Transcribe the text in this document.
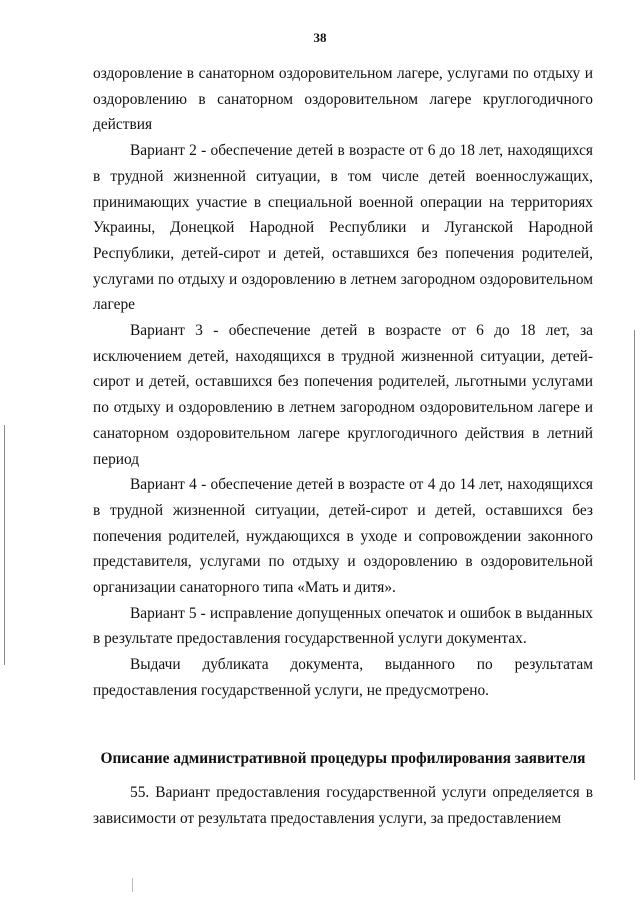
38

оздоровление в санаторном оздоровительном лагере, услугами по отдыху и оздоровлению в санаторном оздоровительном лагере круглогодичного действия

Вариант 2 - обеспечение детей в возрасте от 6 до 18 лет, находящихся в трудной жизненной ситуации, в том числе детей военнослужащих, принимающих участие в специальной военной операции на территориях Украины, Донецкой Народной Республики и Луганской Народной Республики, детей-сирот и детей, оставшихся без попечения родителей, услугами по отдыху и оздоровлению в летнем загородном оздоровительном лагере

Вариант 3 - обеспечение детей в возрасте от 6 до 18 лет, за исключением детей, находящихся в трудной жизненной ситуации, детей-сирот и детей, оставшихся без попечения родителей, льготными услугами по отдыху и оздоровлению в летнем загородном оздоровительном лагере и санаторном оздоровительном лагере круглогодичного действия в летний период

Вариант 4 - обеспечение детей в возрасте от 4 до 14 лет, находящихся в трудной жизненной ситуации, детей-сирот и детей, оставшихся без попечения родителей, нуждающихся в уходе и сопровождении законного представителя, услугами по отдыху и оздоровлению в оздоровительной организации санаторного типа «Мать и дитя».

Вариант 5 - исправление допущенных опечаток и ошибок в выданных в результате предоставления государственной услуги документах.

Выдачи дубликата документа, выданного по результатам предоставления государственной услуги, не предусмотрено.

Описание административной процедуры профилирования заявителя

55. Вариант предоставления государственной услуги определяется в зависимости от результата предоставления услуги, за предоставлением
